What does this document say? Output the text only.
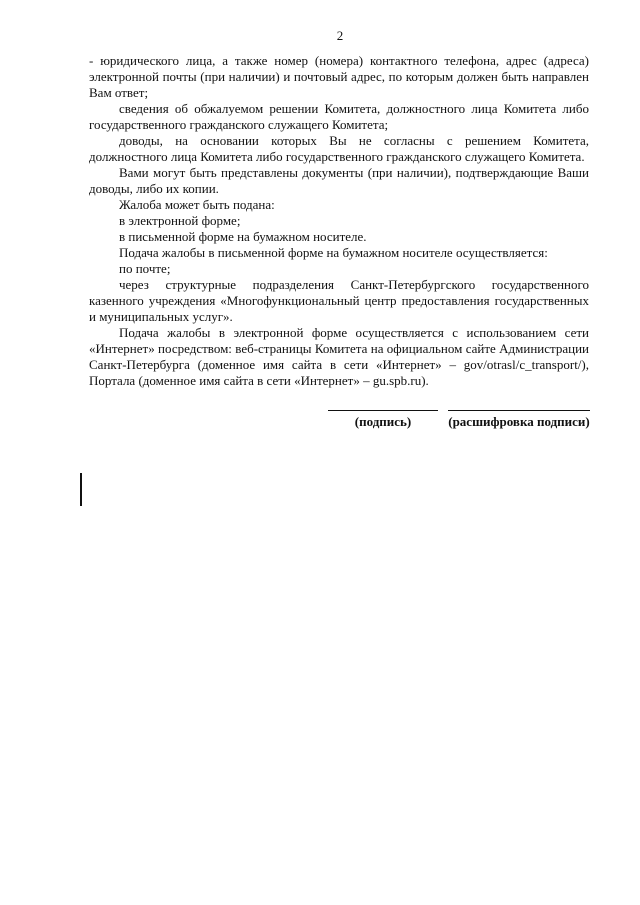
2

- юридического лица, а также номер (номера) контактного телефона, адрес (адреса) электронной почты (при наличии) и почтовый адрес, по которым должен быть направлен Вам ответ;

сведения об обжалуемом решении Комитета, должностного лица Комитета либо государственного гражданского служащего Комитета;

доводы, на основании которых Вы не согласны с решением Комитета, должностного лица Комитета либо государственного гражданского служащего Комитета.

Вами могут быть представлены документы (при наличии), подтверждающие Ваши доводы, либо их копии.

Жалоба может быть подана:

в электронной форме;

в письменной форме на бумажном носителе.

Подача жалобы в письменной форме на бумажном носителе осуществляется:

по почте;

через структурные подразделения Санкт-Петербургского государственного казенного учреждения «Многофункциональный центр предоставления государственных и муниципальных услуг».

Подача жалобы в электронной форме осуществляется с использованием сети «Интернет» посредством: веб-страницы Комитета на официальном сайте Администрации Санкт-Петербурга (доменное имя сайта в сети «Интернет» – gov/otrasl/c_transport/), Портала (доменное имя сайта в сети «Интернет» – gu.spb.ru).

(подпись)	(расшифровка подписи)
